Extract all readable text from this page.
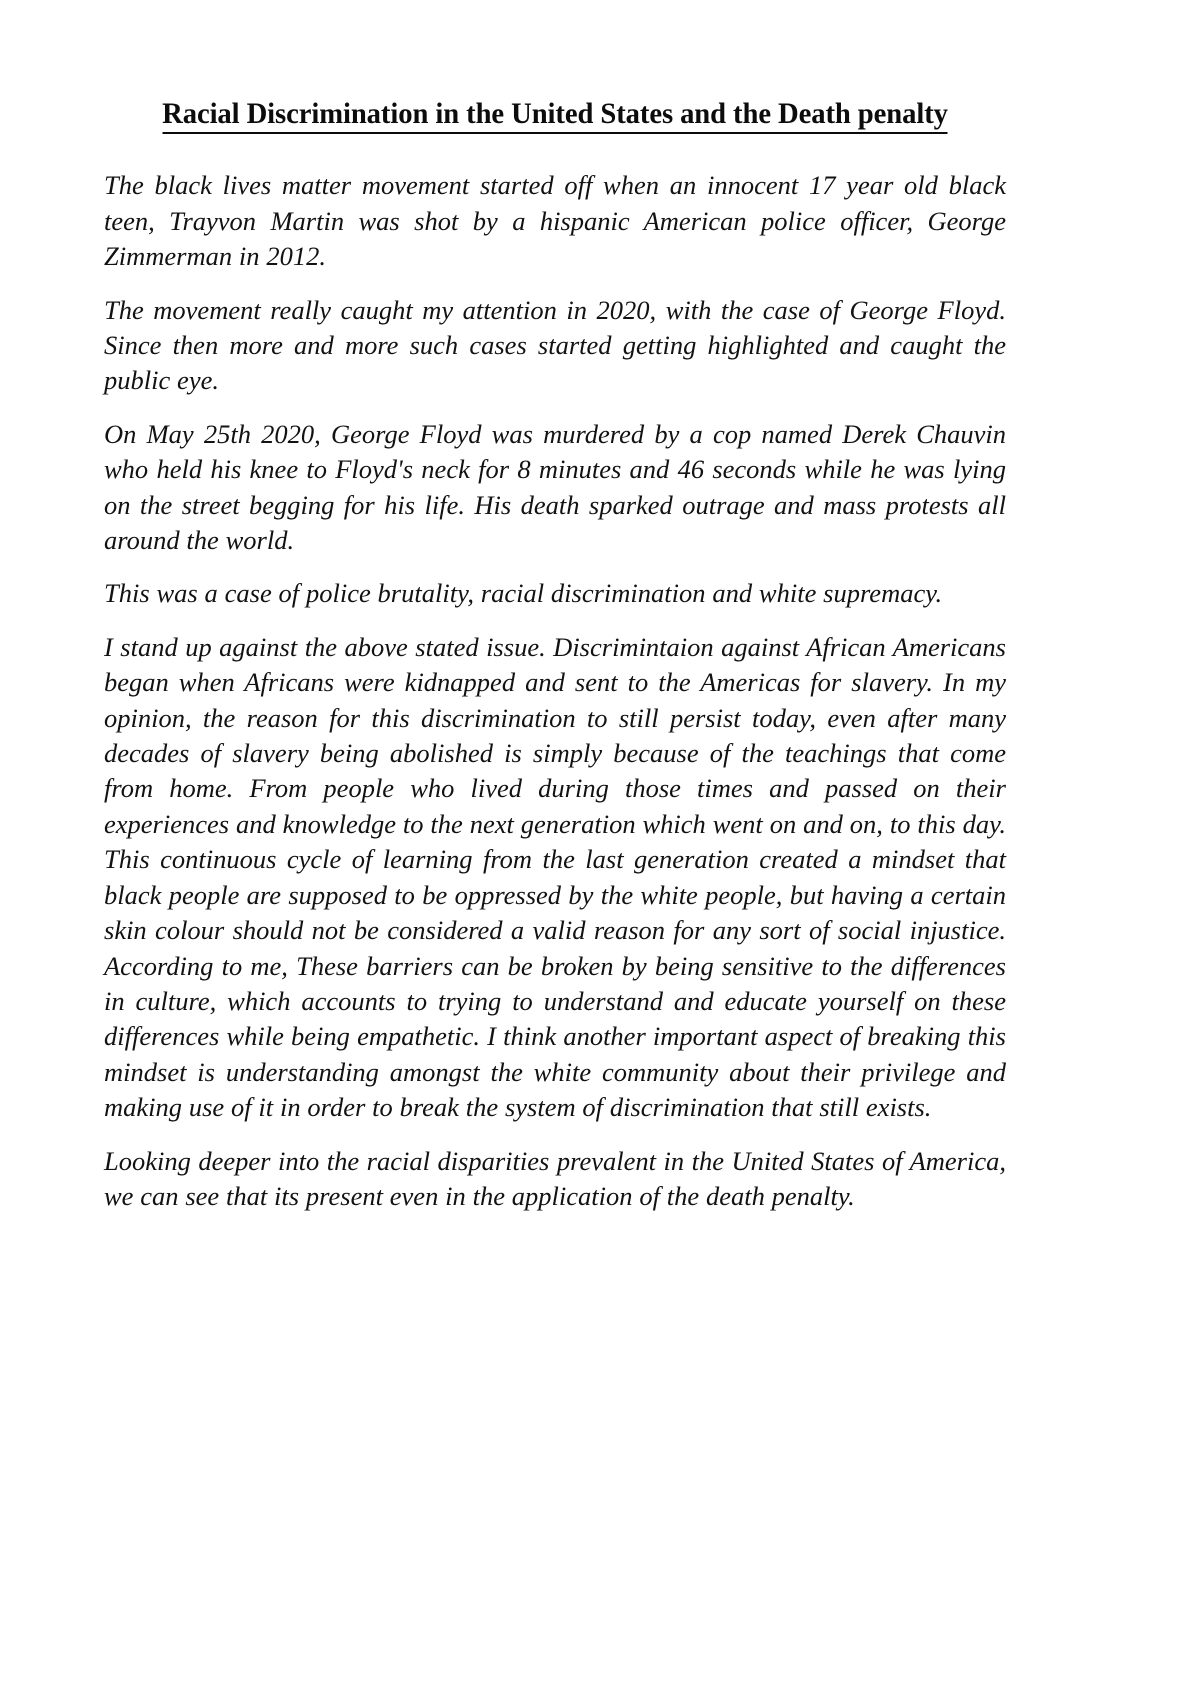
Racial Discrimination in the United States and the Death penalty

The black lives matter movement started off when an innocent 17 year old black teen, Trayvon Martin was shot by a hispanic American police officer, George Zimmerman in 2012.

The movement really caught my attention in 2020, with the case of George Floyd. Since then more and more such cases started getting highlighted and caught the public eye.

On May 25th 2020, George Floyd was murdered by a cop named Derek Chauvin who held his knee to Floyd's neck for 8 minutes and 46 seconds while he was lying on the street begging for his life. His death sparked outrage and mass protests all around the world.

This was a case of police brutality, racial discrimination and white supremacy.

I stand up against the above stated issue. Discrimintaion against African Americans began when Africans were kidnapped and sent to the Americas for slavery. In my opinion, the reason for this discrimination to still persist today, even after many decades of slavery being abolished is simply because of the teachings that come from home. From people who lived during those times and passed on their experiences and knowledge to the next generation which went on and on, to this day. This continuous cycle of learning from the last generation created a mindset that black people are supposed to be oppressed by the white people, but having a certain skin colour should not be considered a valid reason for any sort of social injustice. According to me, These barriers can be broken by being sensitive to the differences in culture, which accounts to trying to understand and educate yourself on these differences while being empathetic. I think another important aspect of breaking this mindset is understanding amongst the white community about their privilege and making use of it in order to break the system of discrimination that still exists.

Looking deeper into the racial disparities prevalent in the United States of America, we can see that its present even in the application of the death penalty.
